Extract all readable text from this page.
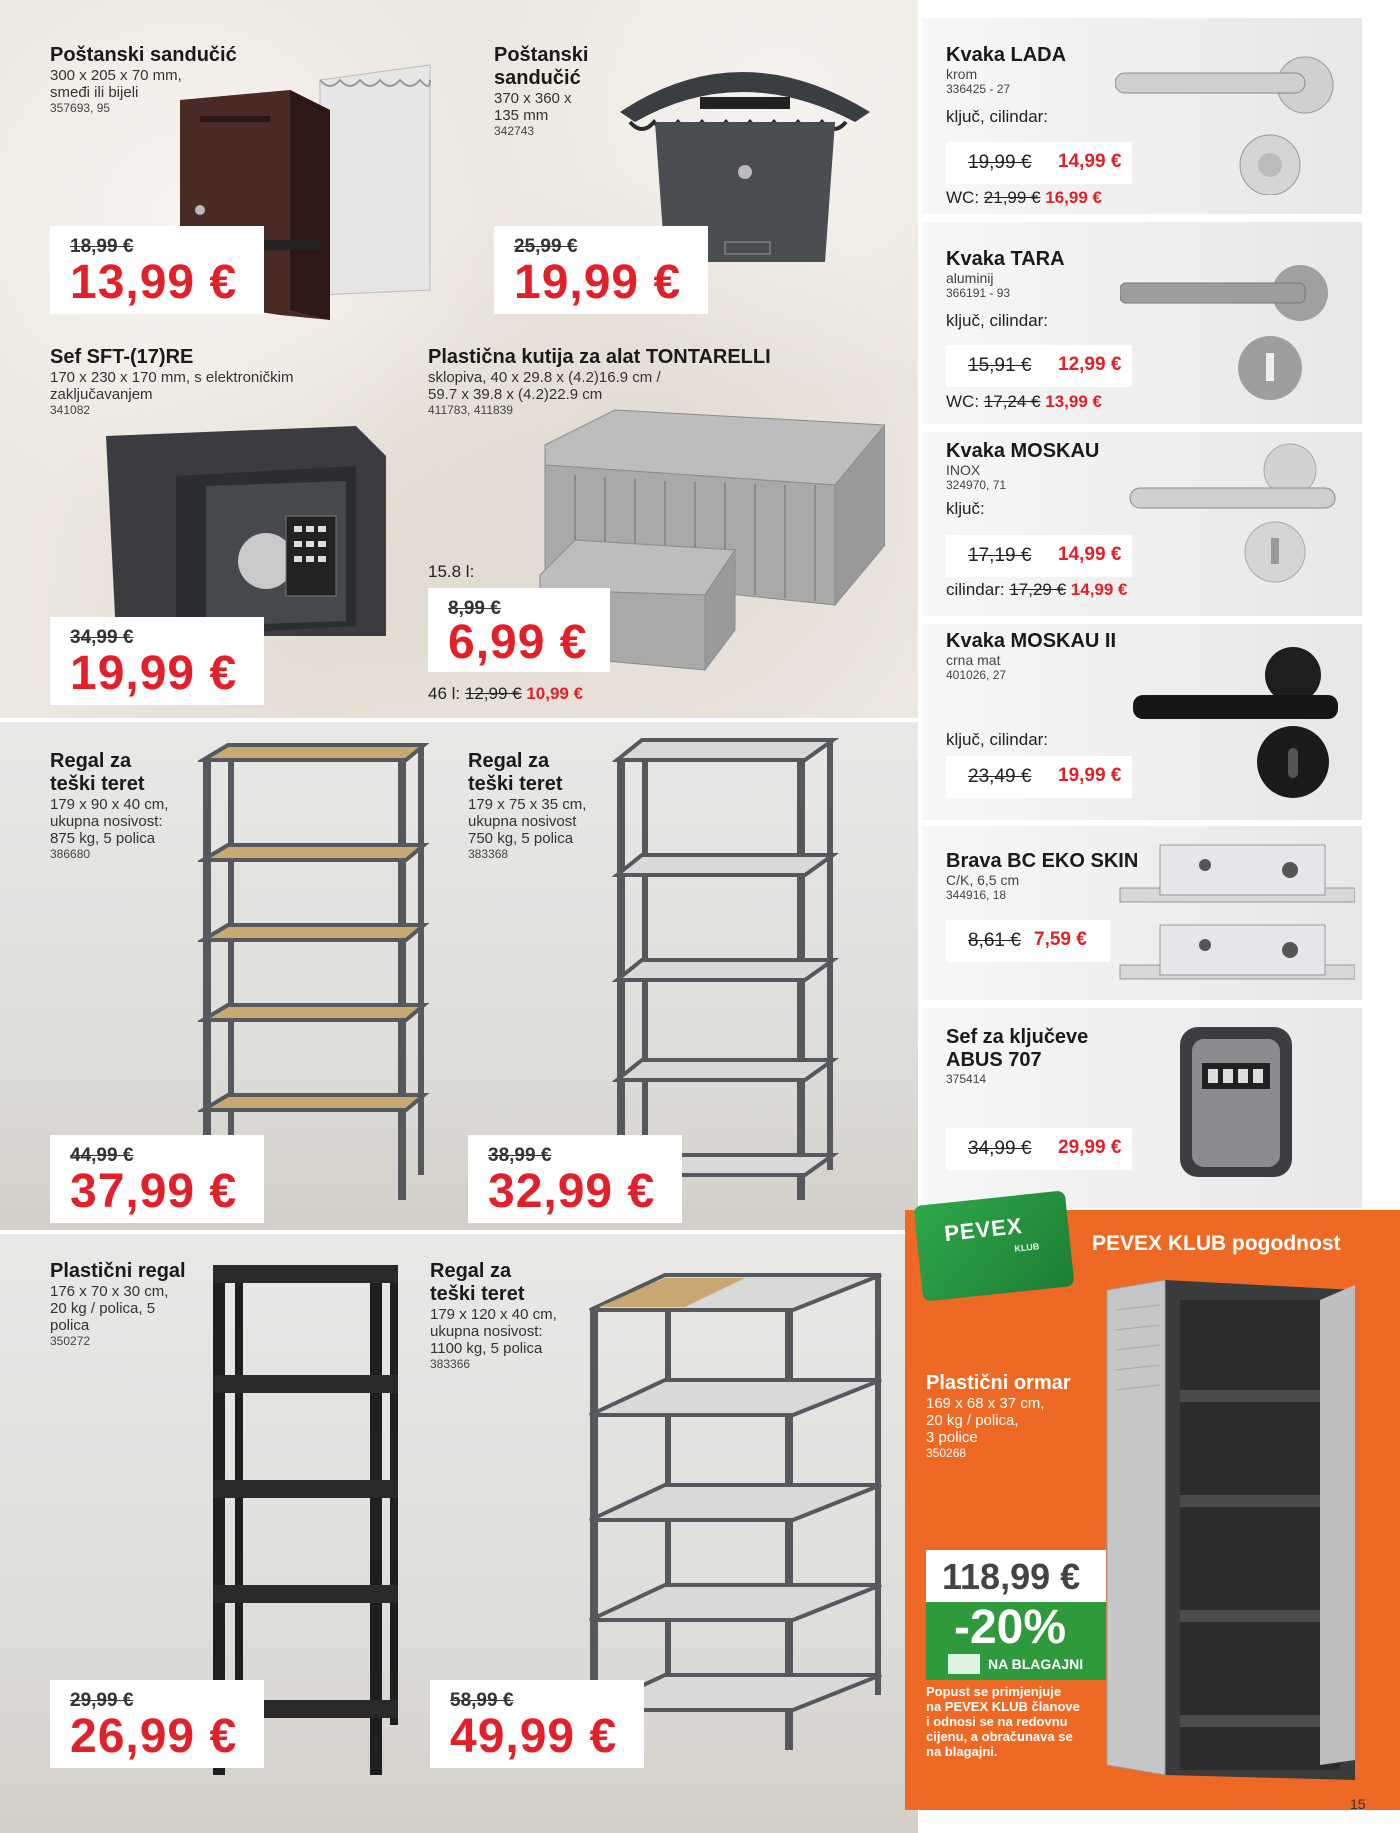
Poštanski sandučić
300 x 205 x 70 mm,
smeđi ili bijeli
357693, 95
18,99 €
13,99 €
Poštanski
sandučić
370 x 360 x
135 mm
342743
25,99 €
19,99 €
Sef SFT-(17)RE
170 x 230 x 170 mm, s elektroničkim
zaključavanjem
341082
34,99 €
19,99 €
Plastična kutija za alat TONTARELLI
sklopiva, 40 x 29.8 x (4.2)16.9 cm /
59.7 x 39.8 x (4.2)22.9 cm
411783, 411839
15.8 l:
8,99 €
6,99 €
46 l: 12,99 € 10,99 €
Regal za
teški teret
179 x 90 x 40 cm,
ukupna nosivost:
875 kg, 5 polica
386680
44,99 €
37,99 €
Regal za
teški teret
179 x 75 x 35 cm,
ukupna nosivost
750 kg, 5 polica
383368
38,99 €
32,99 €
Plastični regal
176 x 70 x 30 cm,
20 kg / polica, 5
polica
350272
29,99 €
26,99 €
Regal za
teški teret
179 x 120 x 40 cm,
ukupna nosivost:
1100 kg, 5 polica
383366
58,99 €
49,99 €
Kvaka LADA
krom
336425 - 27
ključ, cilindar:
19,99 € 14,99 €
WC: 21,99 € 16,99 €
Kvaka TARA
aluminij
366191 - 93
ključ, cilindar:
15,91 € 12,99 €
WC: 17,24 € 13,99 €
Kvaka MOSKAU
INOX
324970, 71
ključ:
17,19 € 14,99 €
cilindar: 17,29 € 14,99 €
Kvaka MOSKAU II
crna mat
401026, 27
ključ, cilindar:
23,49 € 19,99 €
Brava BC EKO SKIN
C/K, 6,5 cm
344916, 18
8,61 € 7,59 €
Sef za ključeve
ABUS 707
375414
34,99 € 29,99 €
PEVEX
KLUB PEVEX KLUB pogodnost
Plastični ormar
169 x 68 x 37 cm,
20 kg / polica,
3 police
350268
118,99 €
-20%
NA BLAGAJNI
Popust se primjenjuje
na PEVEX KLUB članove
i odnosi se na redovnu
cijenu, a obračunava se
na blagajni.
15
